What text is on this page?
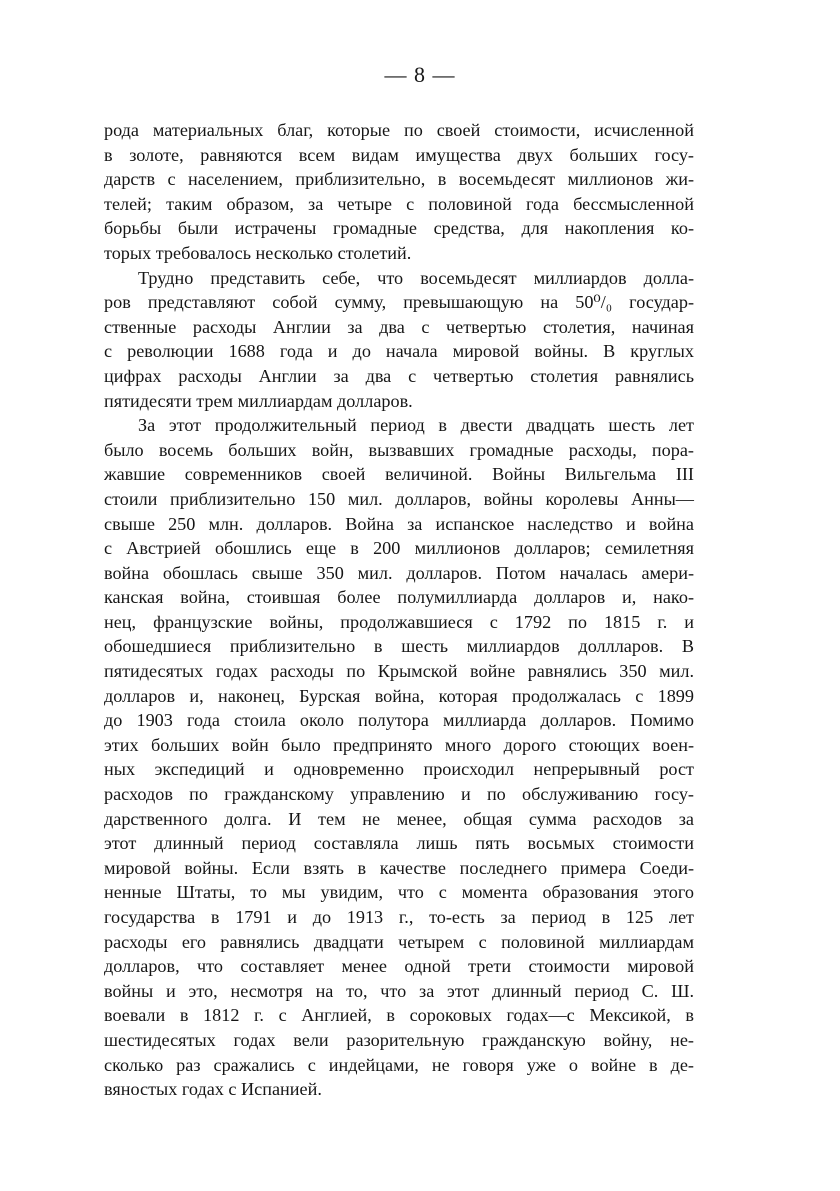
— 8 —
рода материальных благ, которые по своей стоимости, исчисленной
в золоте, равняются всем видам имущества двух больших госу-
дарств с населением, приблизительно, в восемьдесят миллионов жи-
телей; таким образом, за четыре с половиной года бессмысленной
борьбы были истрачены громадные средства, для накопления ко-
торых требовалось несколько столетий.
Трудно представить себе, что восемьдесят миллиардов долла-
ров представляют собой сумму, превышающую на 50⁰/₀ государ-
ственные расходы Англии за два с четвертью столетия, начиная
с революции 1688 года и до начала мировой войны. В круглых
цифрах расходы Англии за два с четвертью столетия равнялись
пятидесяти трем миллиардам долларов.
За этот продолжительный период в двести двадцать шесть лет
было восемь больших войн, вызвавших громадные расходы, пора-
жавшие современников своей величиной. Войны Вильгельма III
стоили приблизительно 150 мил. долларов, войны королевы Анны—
свыше 250 млн. долларов. Война за испанское наследство и война
с Австрией обошлись еще в 200 миллионов долларов; семилетняя
война обошлась свыше 350 мил. долларов. Потом началась амери-
канская война, стоившая более полумиллиарда долларов и, нако-
нец, французские войны, продолжавшиеся с 1792 по 1815 г. и
обошедшиеся приблизительно в шесть миллиардов доллларов. В
пятидесятых годах расходы по Крымской войне равнялись 350 мил.
долларов и, наконец, Бурская война, которая продолжалась с 1899
до 1903 года стоила около полутора миллиарда долларов. Помимо
этих больших войн было предпринято много дорого стоющих воен-
ных экспедиций и одновременно происходил непрерывный рост
расходов по гражданскому управлению и по обслуживанию госу-
дарственного долга. И тем не менее, общая сумма расходов за
этот длинный период составляла лишь пять восьмых стоимости
мировой войны. Если взять в качестве последнего примера Соеди-
ненные Штаты, то мы увидим, что с момента образования этого
государства в 1791 и до 1913 г., то-есть за период в 125 лет
расходы его равнялись двадцати четырем с половиной миллиардам
долларов, что составляет менее одной трети стоимости мировой
войны и это, несмотря на то, что за этот длинный период С. Ш.
воевали в 1812 г. с Англией, в сороковых годах—с Мексикой, в
шестидесятых годах вели разорительную гражданскую войну, не-
сколько раз сражались с индейцами, не говоря уже о войне в де-
вяностых годах с Испанией.
